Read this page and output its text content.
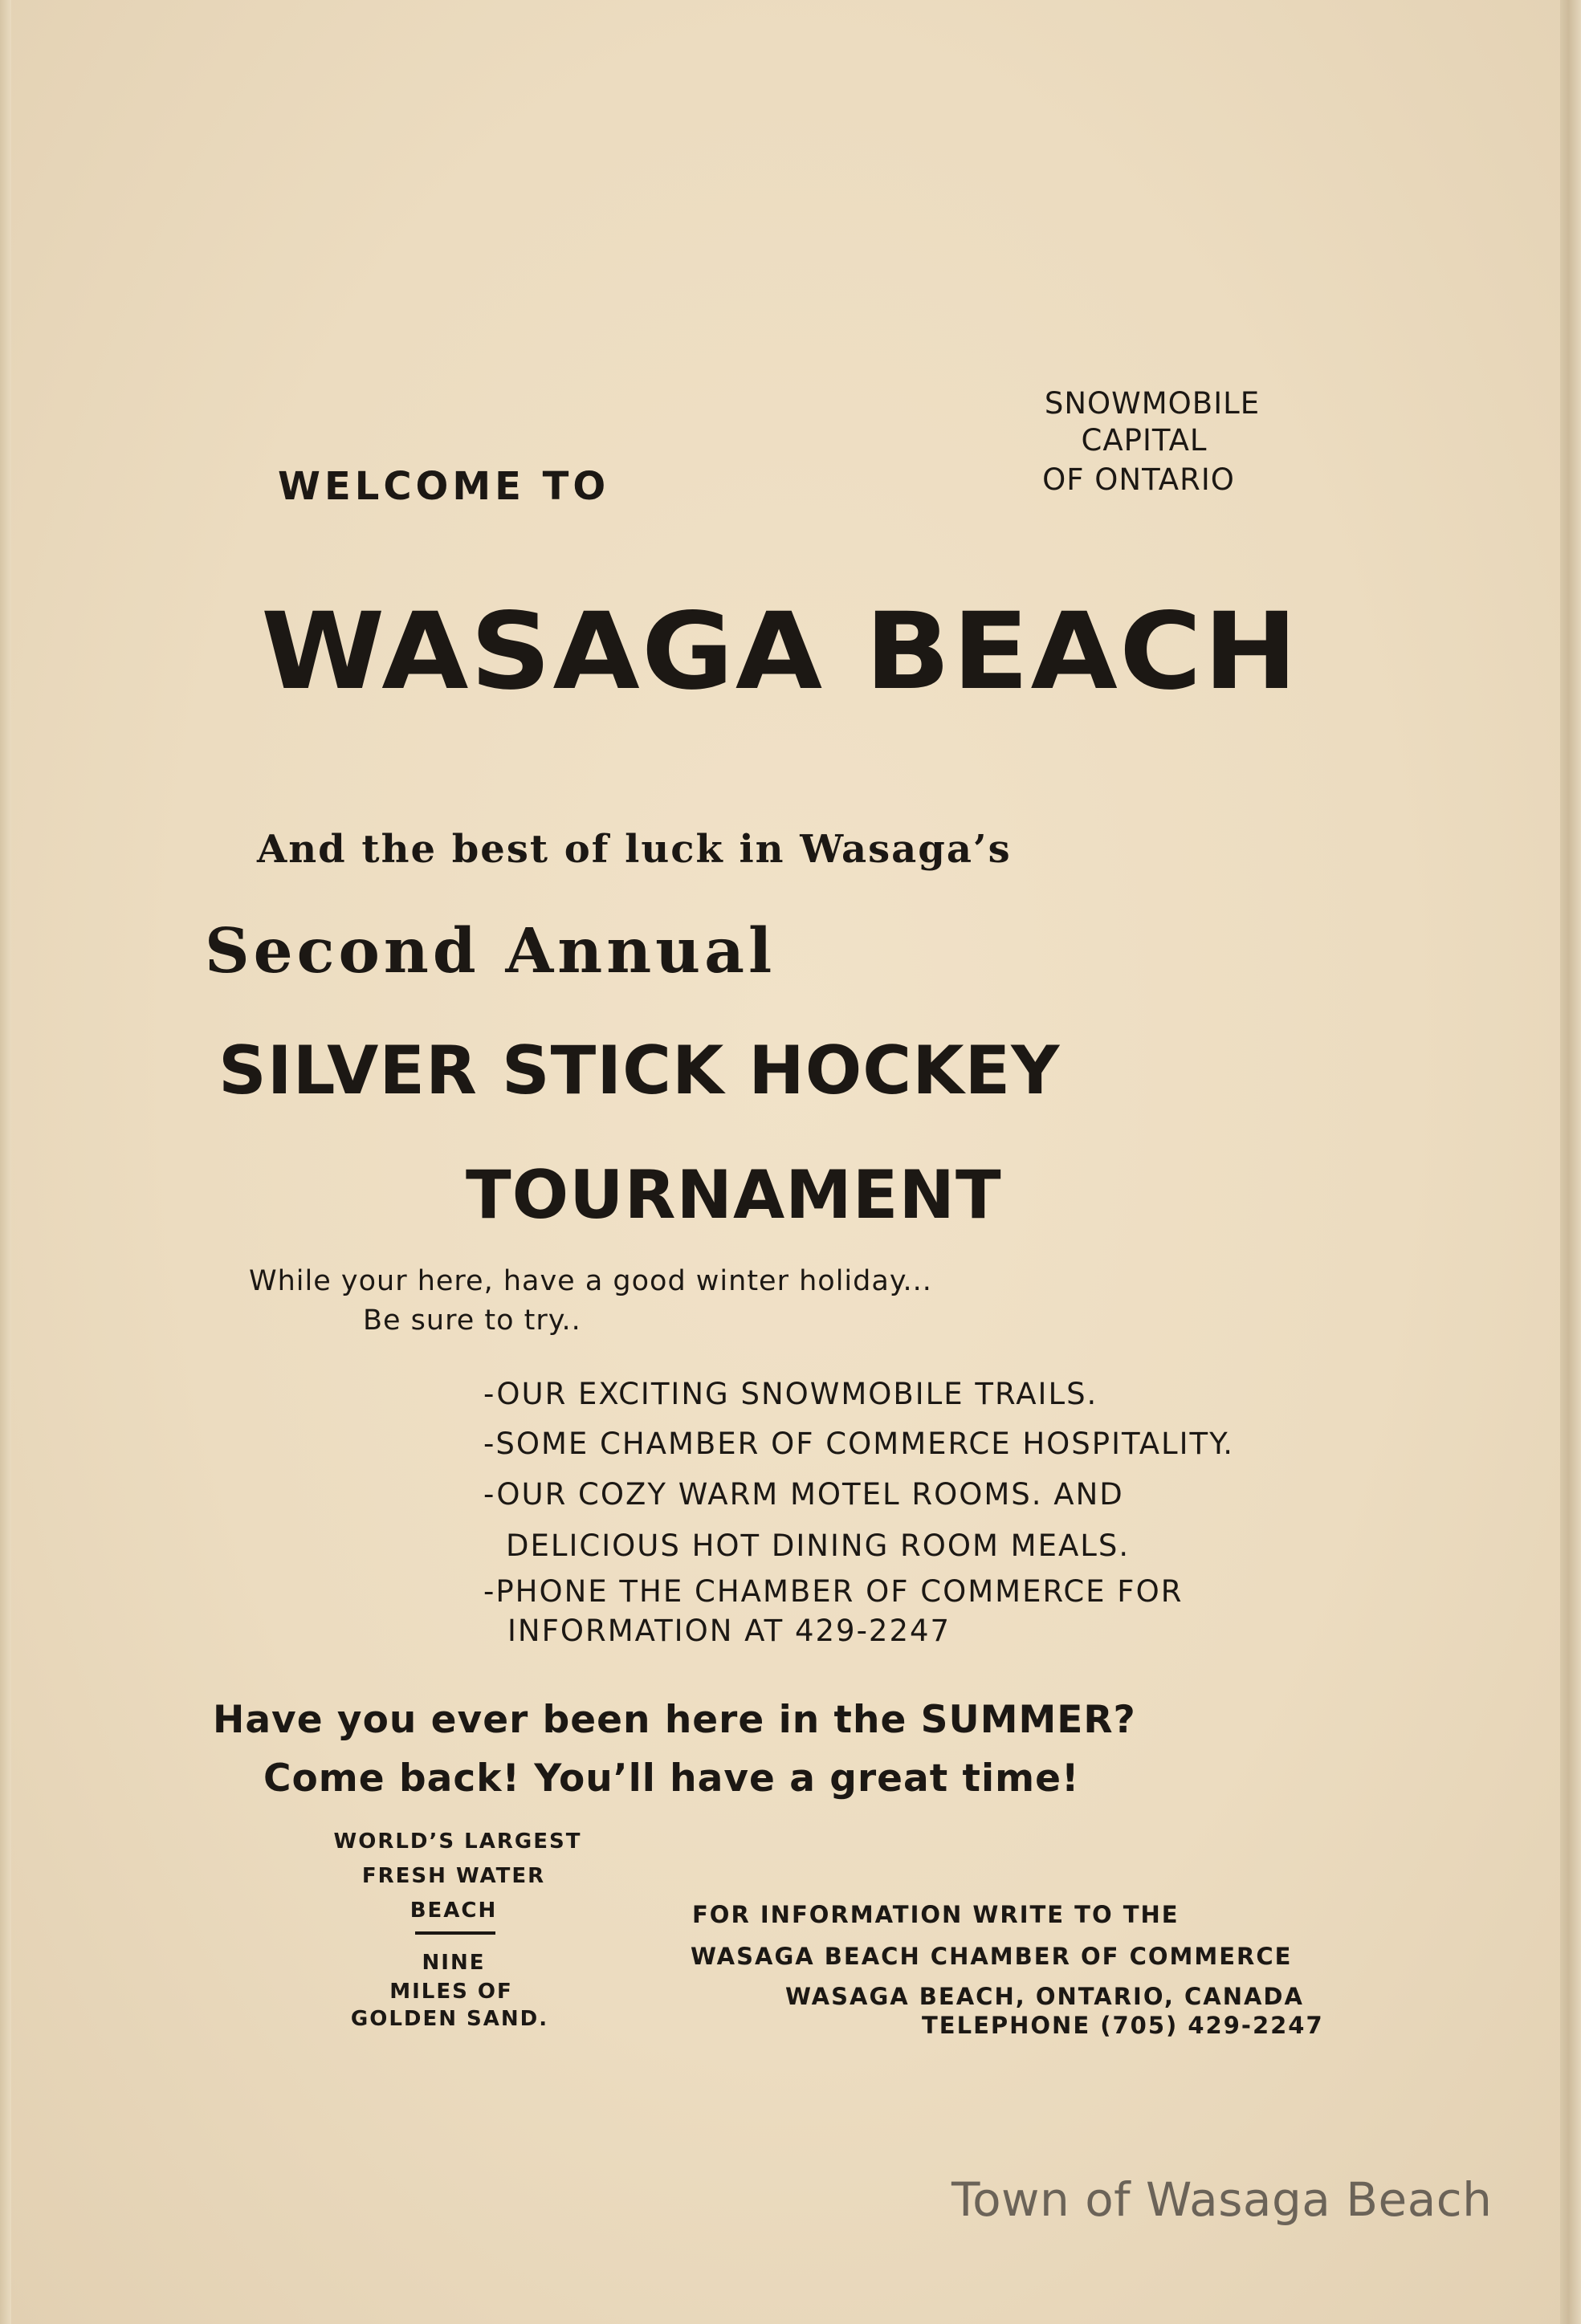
SNOWMOBILE

CAPITAL

OF ONTARIO

WELCOME TO

WASAGA BEACH

And the best of luck in Wasaga’s

Second Annual

SILVER STICK HOCKEY

TOURNAMENT

While your here, have a good winter holiday...

Be sure to try..

-OUR EXCITING SNOWMOBILE TRAILS.

-SOME CHAMBER OF COMMERCE HOSPITALITY.

-OUR COZY WARM MOTEL ROOMS. AND

DELICIOUS HOT DINING ROOM MEALS.

-PHONE THE CHAMBER OF COMMERCE FOR

INFORMATION AT 429-2247

Have you ever been here in the SUMMER?

Come back! You’ll have a great time!

WORLD’S LARGEST

FRESH WATER

BEACH

NINE

MILES OF

GOLDEN SAND.

FOR INFORMATION WRITE TO THE

WASAGA BEACH CHAMBER OF COMMERCE

WASAGA BEACH, ONTARIO, CANADA

TELEPHONE (705) 429-2247

Town of Wasaga Beach
